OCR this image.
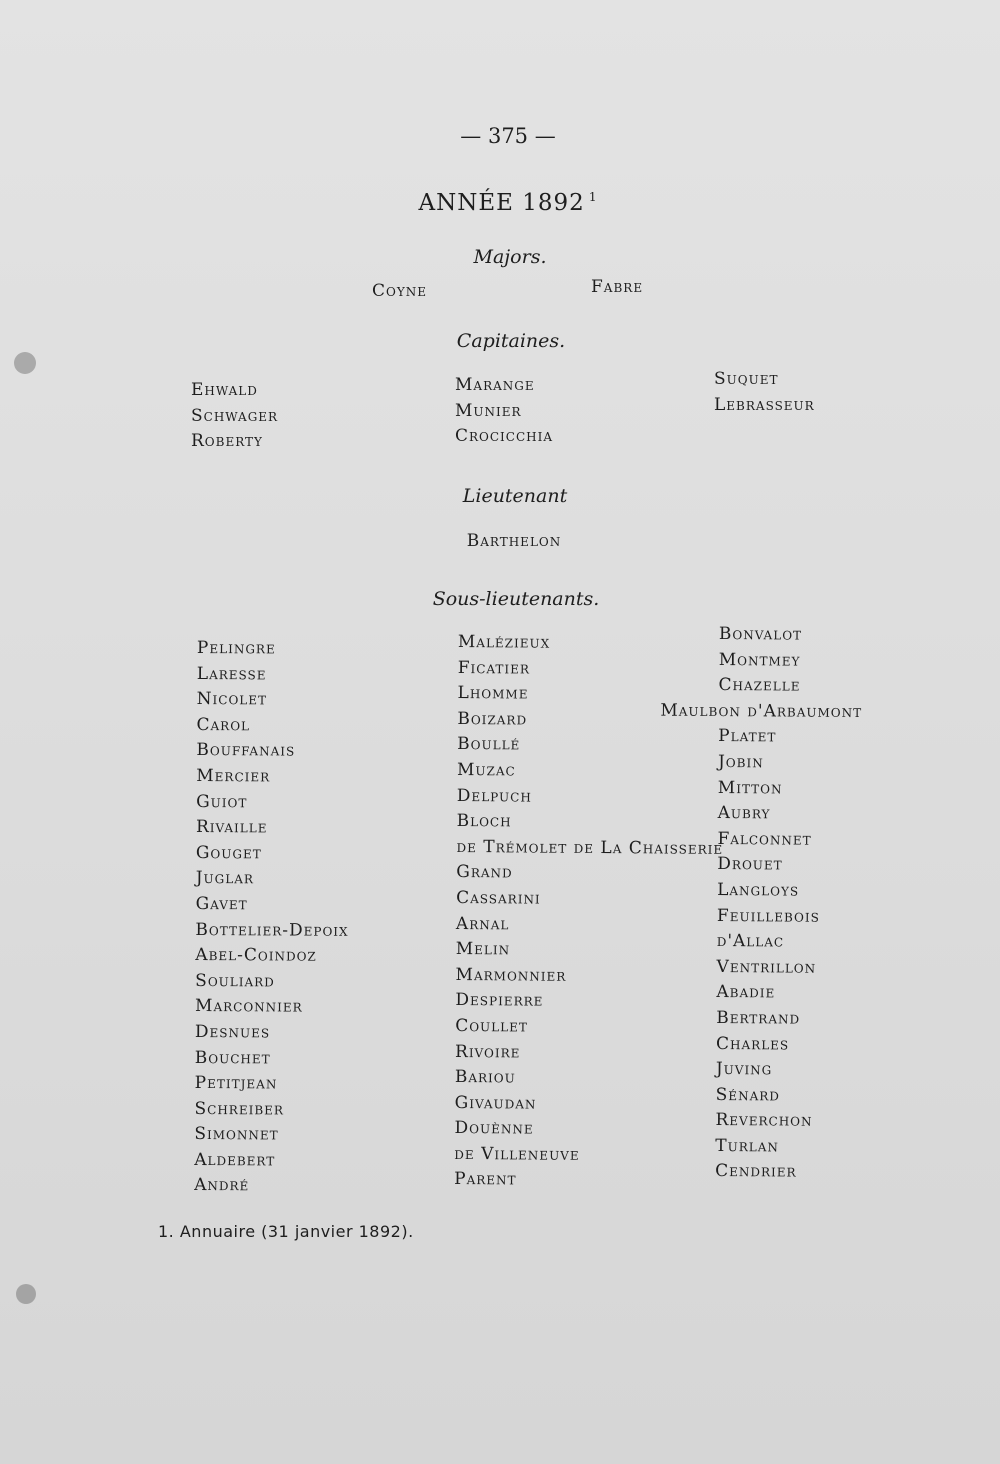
— 375 —
ANNÉE 1892 $^1$
Majors.
Coyne	Fabre
Capitaines.
Ehwald
Schwager
Roberty
Marange
Munier
Crocicchia
Suquet
Lebrasseur
Lieutenant
Barthelon
Sous-lieutenants.
Pelingre
Laresse
Nicolet
Carol
Bouffanais
Mercier
Guiot
Rivaille
Gouget
Juglar
Gavet
Bottelier-Depoix
Abel-Coindoz
Souliard
Marconnier
Desnues
Bouchet
Petitjean
Schreiber
Simonnet
Aldebert
André
Malézieux
Ficatier
Lhomme
Boizard
Boullé
Muzac
Delpuch
Bloch
de Trémolet de La Chaisserie
Grand
Cassarini
Arnal
Melin
Marmonnier
Despierre
Coullet
Rivoire
Bariou
Givaudan
Douènne
de Villeneuve
Parent
Bonvalot
Montmey
Chazelle
Maulbon d'Arbaumont
Platet
Jobin
Mitton
Aubry
Falconnet
Drouet
Langloys
Feuillebois
d'Allac
Ventrillon
Abadie
Bertrand
Charles
Juving
Sénard
Reverchon
Turlan
Cendrier
1. Annuaire (31 janvier 1892).
